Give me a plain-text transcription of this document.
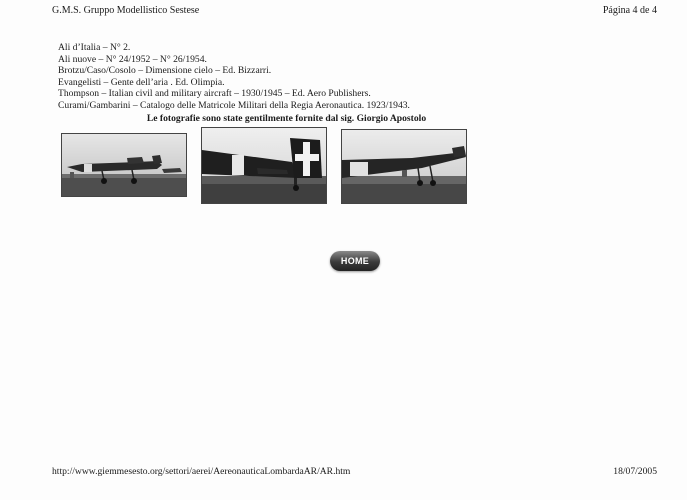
G.M.S. Gruppo Modellistico Sestese	Página 4 de 4
Ali d’Italia – N° 2.
Ali nuove – N° 24/1952 – N° 26/1954.
Brotzu/Caso/Cosolo – Dimensione cielo – Ed. Bizzarri.
Evangelisti – Gente dell’aria . Ed. Olimpia.
Thompson – Italian civil and military aircraft – 1930/1945 – Ed. Aero Publishers.
Curami/Gambarini – Catalogo delle Matricole Militari della Regia Aeronautica. 1923/1943.
Le fotografie sono state gentilmente fornite dal sig. Giorgio Apostolo
HOME
http://www.giemmesesto.org/settori/aerei/AereonauticaLombardaAR/AR.htm	18/07/2005
